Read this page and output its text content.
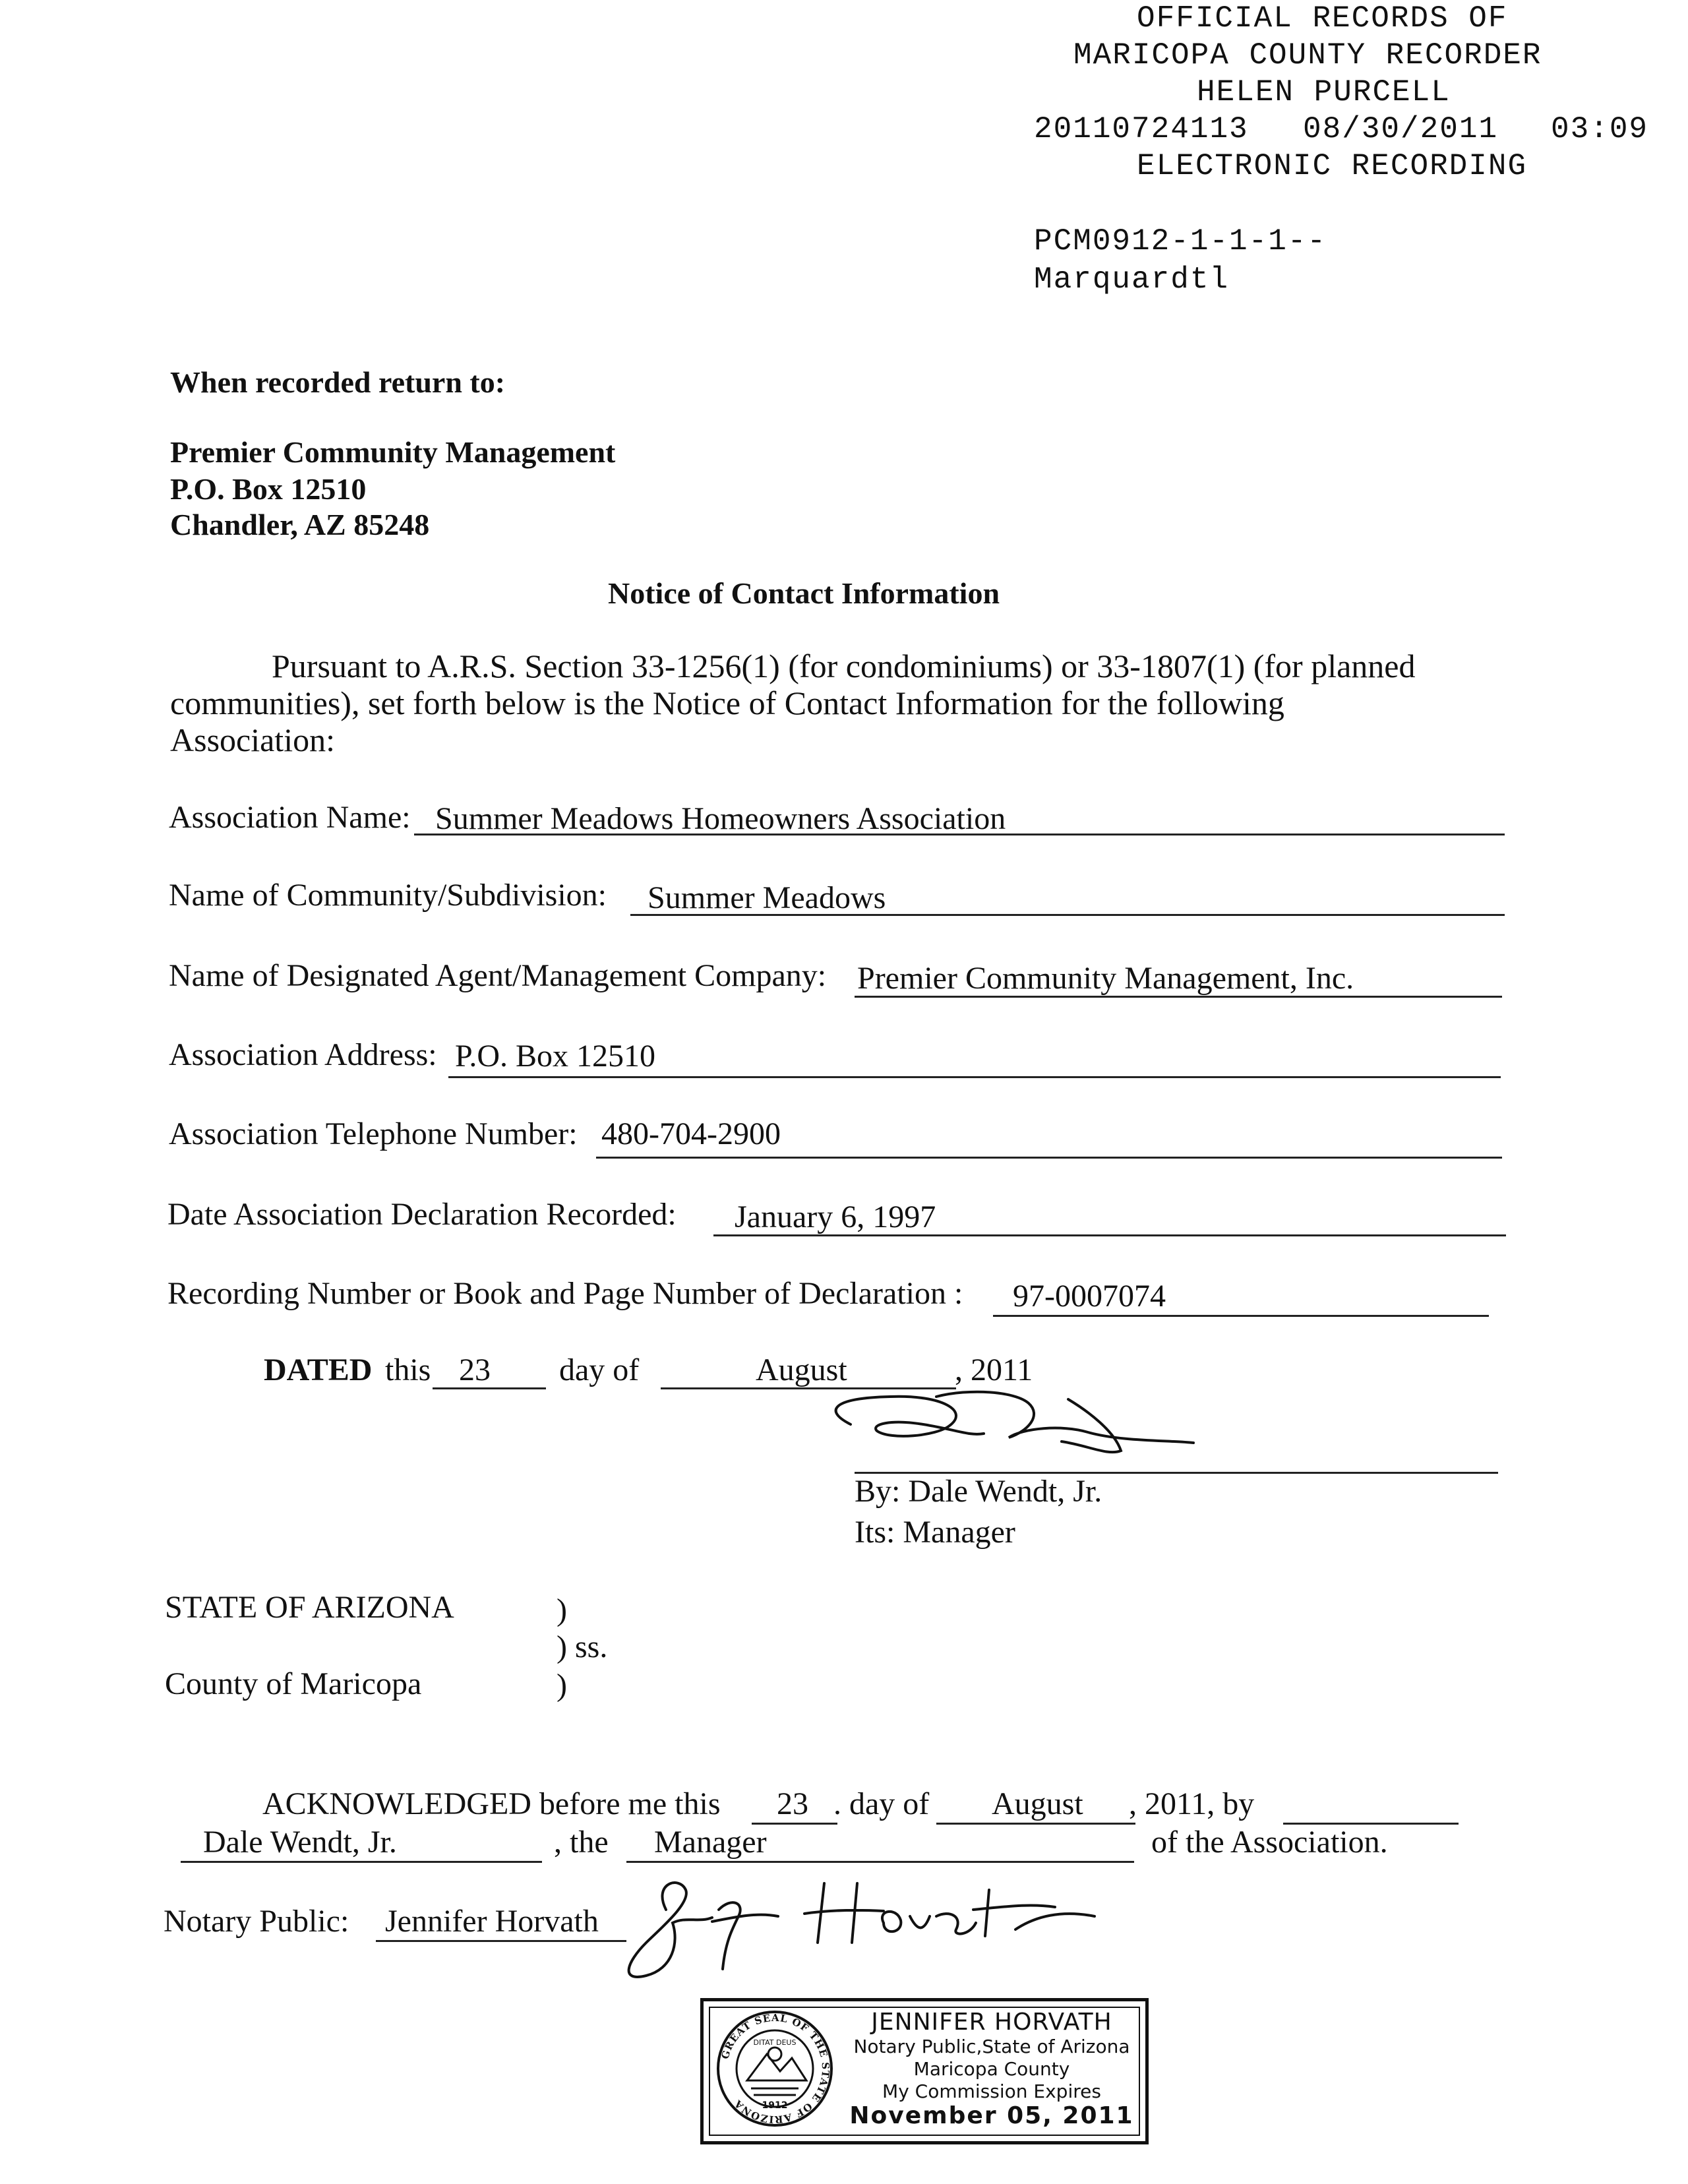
OFFICIAL RECORDS OF
MARICOPA COUNTY RECORDER
HELEN PURCELL
20110724113 08/30/2011 03:09
ELECTRONIC RECORDING
PCM0912-1-1-1--
Marquardtl
When recorded return to:
Premier Community Management
P.O. Box 12510
Chandler, AZ 85248
Notice of Contact Information
Pursuant to A.R.S. Section 33-1256(1) (for condominiums) or 33-1807(1) (for planned
communities), set forth below is the Notice of Contact Information for the following
Association:
Association Name: Summer Meadows Homeowners Association
Name of Community/Subdivision: Summer Meadows
Name of Designated Agent/Management Company: Premier Community Management, Inc.
Association Address: P.O. Box 12510
Association Telephone Number: 480-704-2900
Date Association Declaration Recorded: January 6, 1997
Recording Number or Book and Page Number of Declaration : 97-0007074
DATED this 23 day of	August	, 2011
By: Dale Wendt, Jr.
Its: Manager
STATE OF ARIZONA	)
) ss.
County of Maricopa	)
ACKNOWLEDGED before me this 23 . day of August , 2011, by
Dale Wendt, Jr.	, the Manager	of the Association.
Notary Public: Jennifer Horvath
GREAT SEAL OF THE STATE OF ARIZONA
DITAT DEUS
1912
JENNIFER HORVATH
Notary Public,State of Arizona
Maricopa County
My Commission Expires
November 05, 2011
